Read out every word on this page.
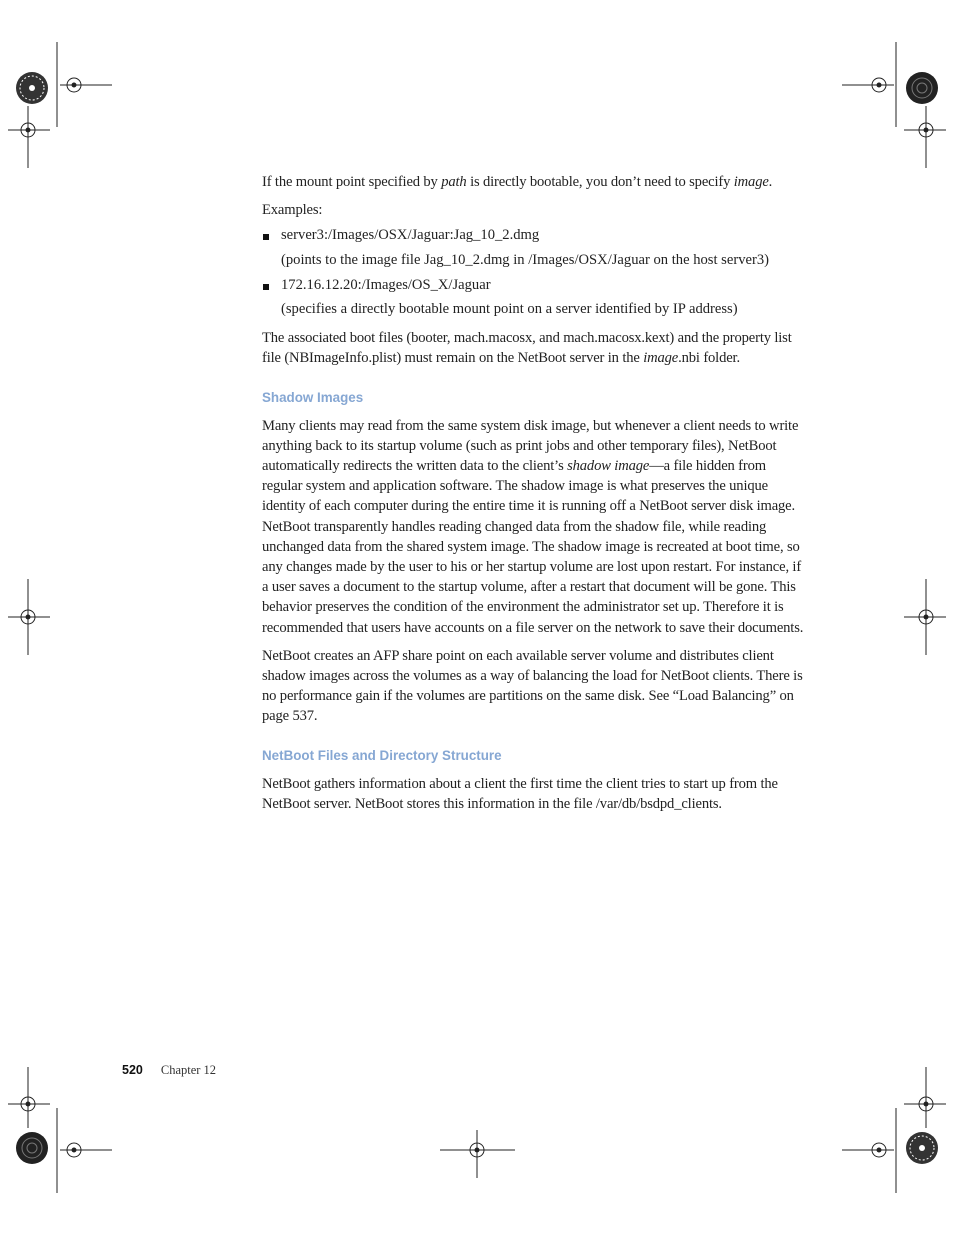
If the mount point specified by path is directly bootable, you don’t need to specify image.

Examples:

server3:/Images/OSX/Jaguar:Jag_10_2.dmg
(points to the image file Jag_10_2.dmg in /Images/OSX/Jaguar on the host server3)
172.16.12.20:/Images/OS_X/Jaguar
(specifies a directly bootable mount point on a server identified by IP address)

The associated boot files (booter, mach.macosx, and mach.macosx.kext) and the property list file (NBImageInfo.plist) must remain on the NetBoot server in the image.nbi folder.

Shadow Images

Many clients may read from the same system disk image, but whenever a client needs to write anything back to its startup volume (such as print jobs and other temporary files), NetBoot automatically redirects the written data to the client’s shadow image—a file hidden from regular system and application software. The shadow image is what preserves the unique identity of each computer during the entire time it is running off a NetBoot server disk image. NetBoot transparently handles reading changed data from the shadow file, while reading unchanged data from the shared system image. The shadow image is recreated at boot time, so any changes made by the user to his or her startup volume are lost upon restart. For instance, if a user saves a document to the startup volume, after a restart that document will be gone. This behavior preserves the condition of the environment the administrator set up. Therefore it is recommended that users have accounts on a file server on the network to save their documents.

NetBoot creates an AFP share point on each available server volume and distributes client shadow images across the volumes as a way of balancing the load for NetBoot clients. There is no performance gain if the volumes are partitions on the same disk. See “Load Balancing” on page 537.

NetBoot Files and Directory Structure

NetBoot gathers information about a client the first time the client tries to start up from the NetBoot server. NetBoot stores this information in the file /var/db/bsdpd_clients.

520 Chapter 12
